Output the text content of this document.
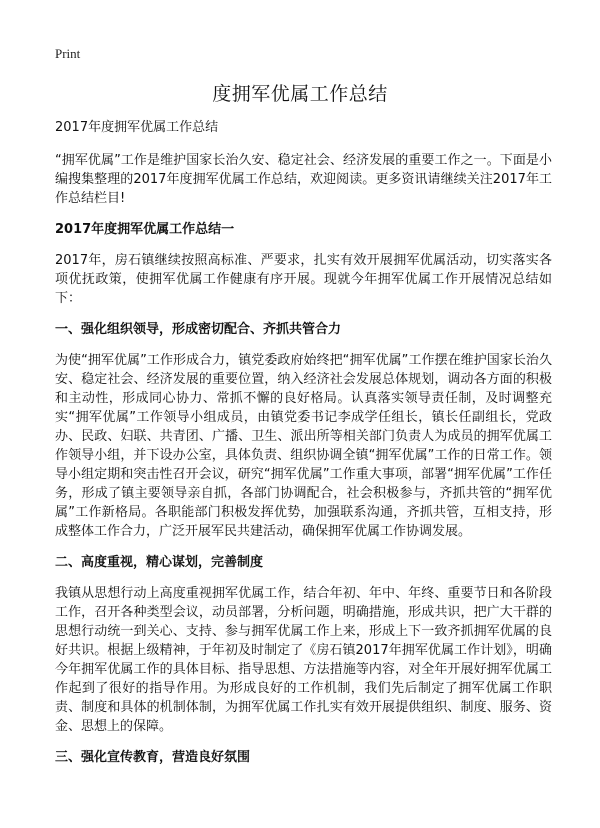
Print
度拥军优属工作总结

2017年度拥军优属工作总结

“拥军优属”工作是维护国家长治久安、稳定社会、经济发展的重要工作之一。下面是小编搜集整理的2017年度拥军优属工作总结，欢迎阅读。更多资讯请继续关注2017年工作总结栏目!

2017年度拥军优属工作总结一

2017年，房石镇继续按照高标准、严要求，扎实有效开展拥军优属活动，切实落实各项优抚政策，使拥军优属工作健康有序开展。现就今年拥军优属工作开展情况总结如下：

一、强化组织领导，形成密切配合、齐抓共管合力

为使“拥军优属”工作形成合力，镇党委政府始终把“拥军优属”工作摆在维护国家长治久安、稳定社会、经济发展的重要位置，纳入经济社会发展总体规划，调动各方面的积极和主动性，形成同心协力、常抓不懈的良好格局。认真落实领导责任制，及时调整充实“拥军优属”工作领导小组成员，由镇党委书记李成学任组长，镇长任副组长，党政办、民政、妇联、共青团、广播、卫生、派出所等相关部门负责人为成员的拥军优属工作领导小组，并下设办公室，具体负责、组织协调全镇“拥军优属”工作的日常工作。领导小组定期和突击性召开会议，研究“拥军优属”工作重大事项，部署“拥军优属”工作任务，形成了镇主要领导亲自抓，各部门协调配合，社会积极参与，齐抓共管的“拥军优属”工作新格局。各职能部门积极发挥优势，加强联系沟通，齐抓共管，互相支持，形成整体工作合力，广泛开展军民共建活动，确保拥军优属工作协调发展。

二、高度重视，精心谋划，完善制度

我镇从思想行动上高度重视拥军优属工作，结合年初、年中、年终、重要节日和各阶段工作，召开各种类型会议，动员部署，分析问题，明确措施，形成共识，把广大干群的思想行动统一到关心、支持、参与拥军优属工作上来，形成上下一致齐抓拥军优属的良好共识。根据上级精神，于年初及时制定了《房石镇2017年拥军优属工作计划》，明确今年拥军优属工作的具体目标、指导思想、方法措施等内容，对全年开展好拥军优属工作起到了很好的指导作用。为形成良好的工作机制，我们先后制定了拥军优属工作职责、制度和具体的机制体制，为拥军优属工作扎实有效开展提供组织、制度、服务、资金、思想上的保障。

三、强化宣传教育，营造良好氛围
